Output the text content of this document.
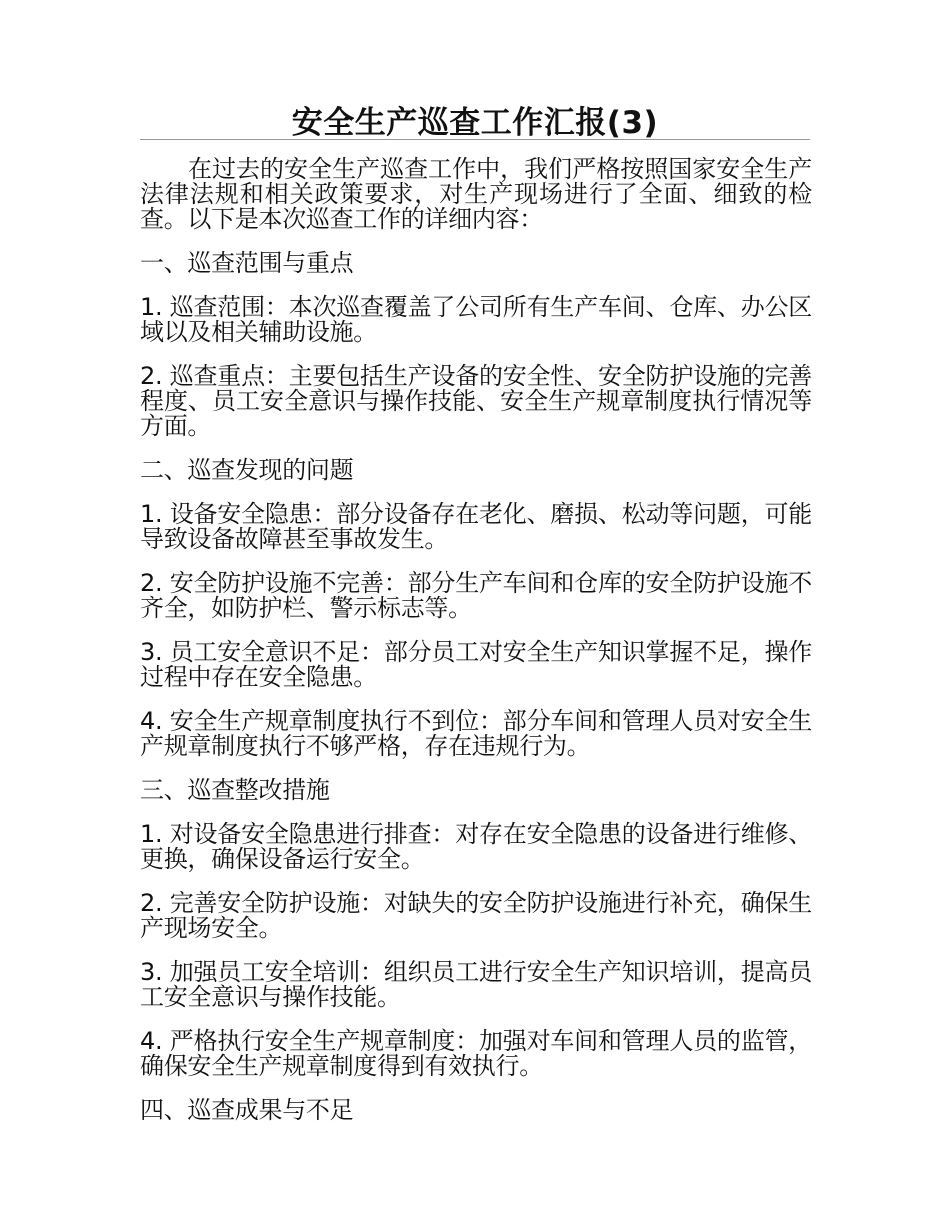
安全生产巡查工作汇报(3)

在过去的安全生产巡查工作中，我们严格按照国家安全生产法律法规和相关政策要求，对生产现场进行了全面、细致的检查。以下是本次巡查工作的详细内容：

一、巡查范围与重点

1. 巡查范围：本次巡查覆盖了公司所有生产车间、仓库、办公区域以及相关辅助设施。

2. 巡查重点：主要包括生产设备的安全性、安全防护设施的完善程度、员工安全意识与操作技能、安全生产规章制度执行情况等方面。

二、巡查发现的问题

1. 设备安全隐患：部分设备存在老化、磨损、松动等问题，可能导致设备故障甚至事故发生。

2. 安全防护设施不完善：部分生产车间和仓库的安全防护设施不齐全，如防护栏、警示标志等。

3. 员工安全意识不足：部分员工对安全生产知识掌握不足，操作过程中存在安全隐患。

4. 安全生产规章制度执行不到位：部分车间和管理人员对安全生产规章制度执行不够严格，存在违规行为。

三、巡查整改措施

1. 对设备安全隐患进行排查：对存在安全隐患的设备进行维修、更换，确保设备运行安全。

2. 完善安全防护设施：对缺失的安全防护设施进行补充，确保生产现场安全。

3. 加强员工安全培训：组织员工进行安全生产知识培训，提高员工安全意识与操作技能。

4. 严格执行安全生产规章制度：加强对车间和管理人员的监管，确保安全生产规章制度得到有效执行。

四、巡查成果与不足
